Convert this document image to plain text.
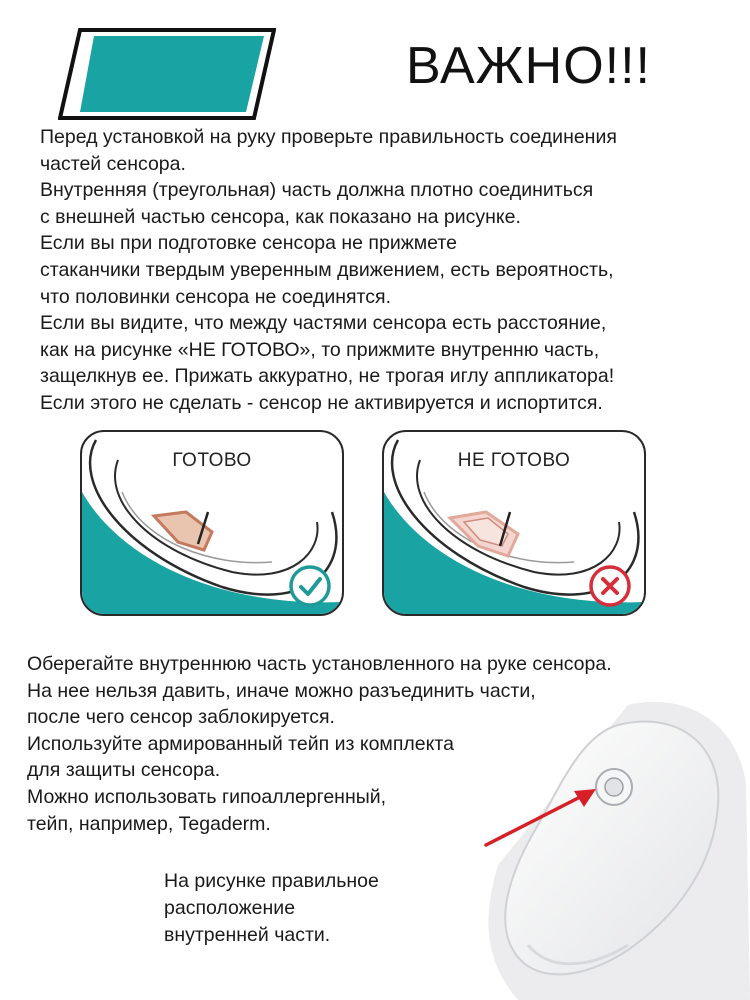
ВАЖНО!!!
Перед установкой на руку проверьте правильность соединения
частей сенсора.
Внутренняя (треугольная) часть должна плотно соединиться
с внешней частью сенсора, как показано на рисунке.
Если вы при подготовке сенсора не прижмете
стаканчики твердым уверенным движением, есть вероятность,
что половинки сенсора не соединятся.
Если вы видите, что между частями сенсора есть расстояние,
как на рисунке «НЕ ГОТОВО», то прижмите внутренню часть,
защелкнув ее. Прижать аккуратно, не трогая иглу аппликатора!
Если этого не сделать - сенсор не активируется и испортится.
ГОТОВО	НЕ ГОТОВО
Оберегайте внутреннюю часть установленного на руке сенсора.
На нее нельзя давить, иначе можно разъединить части,
после чего сенсор заблокируется.
Используйте армированный тейп из комплекта
для защиты сенсора.
Можно использовать гипоаллергенный,
тейп, например, Tegaderm.
На рисунке правильное
расположение
внутренней части.
